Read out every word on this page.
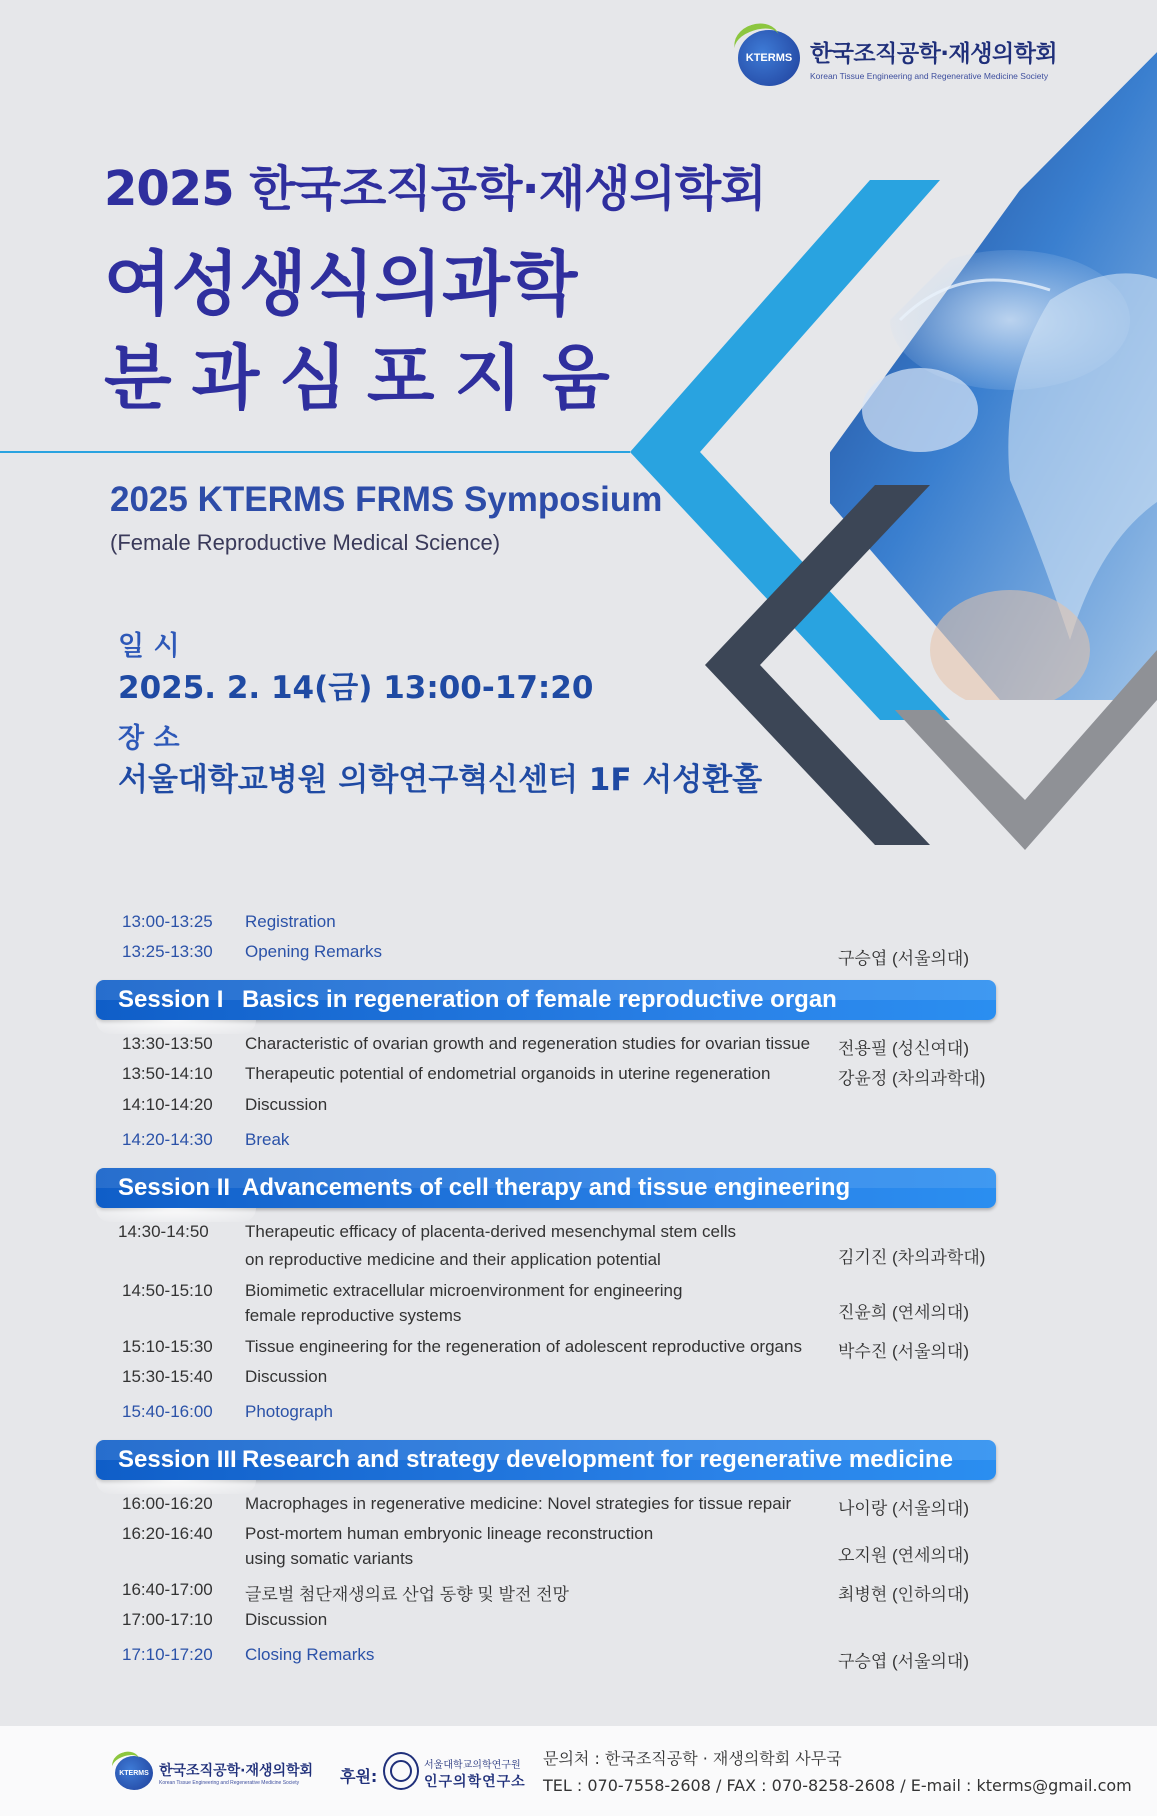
KTERMS 한국조직공학·재생의학회
Korean Tissue Engineering and Regenerative Medicine Society
2025 한국조직공학·재생의학회
여성생식의과학
분과심포지움
2025 KTERMS FRMS Symposium
(Female Reproductive Medical Science)
일 시
2025. 2. 14(금) 13:00-17:20
장 소
서울대학교병원 의학연구혁신센터 1F 서성환홀
13:00-13:25 Registration
13:25-13:30 Opening Remarks	구승엽 (서울의대)
Session I Basics in regeneration of female reproductive organ
13:30-13:50 Characteristic of ovarian growth and regeneration studies for ovarian tissue 전용필 (성신여대)
13:50-14:10 Therapeutic potential of endometrial organoids in uterine regeneration	강윤정 (차의과학대)
14:10-14:20 Discussion
14:20-14:30 Break
Session II Advancements of cell therapy and tissue engineering
14:30-14:50 Therapeutic efficacy of placenta-derived mesenchymal stem cells
on reproductive medicine and their application potential	김기진 (차의과학대)
14:50-15:10 Biomimetic extracellular microenvironment for engineering
female reproductive systems	진윤희 (연세의대)
15:10-15:30 Tissue engineering for the regeneration of adolescent reproductive organs 박수진 (서울의대)
15:30-15:40 Discussion
15:40-16:00 Photograph
Session III Research and strategy development for regenerative medicine
16:00-16:20 Macrophages in regenerative medicine: Novel strategies for tissue repair	나이랑 (서울의대)
16:20-16:40 Post-mortem human embryonic lineage reconstruction
using somatic variants	오지원 (연세의대)
16:40-17:00 글로벌 첨단재생의료 산업 동향 및 발전 전망	최병현 (인하의대)
17:00-17:10 Discussion
17:10-17:20 Closing Remarks	구승엽 (서울의대)
KTERMS 한국조직공학·재생의학회
Korean Tissue Engineering and Regenerative Medicine Society	후원:
서울대학교의학연구원
인구의학연구소
문의처 : 한국조직공학 · 재생의학회 사무국
TEL : 070-7558-2608 / FAX : 070-8258-2608 / E-mail : kterms@gmail.com
